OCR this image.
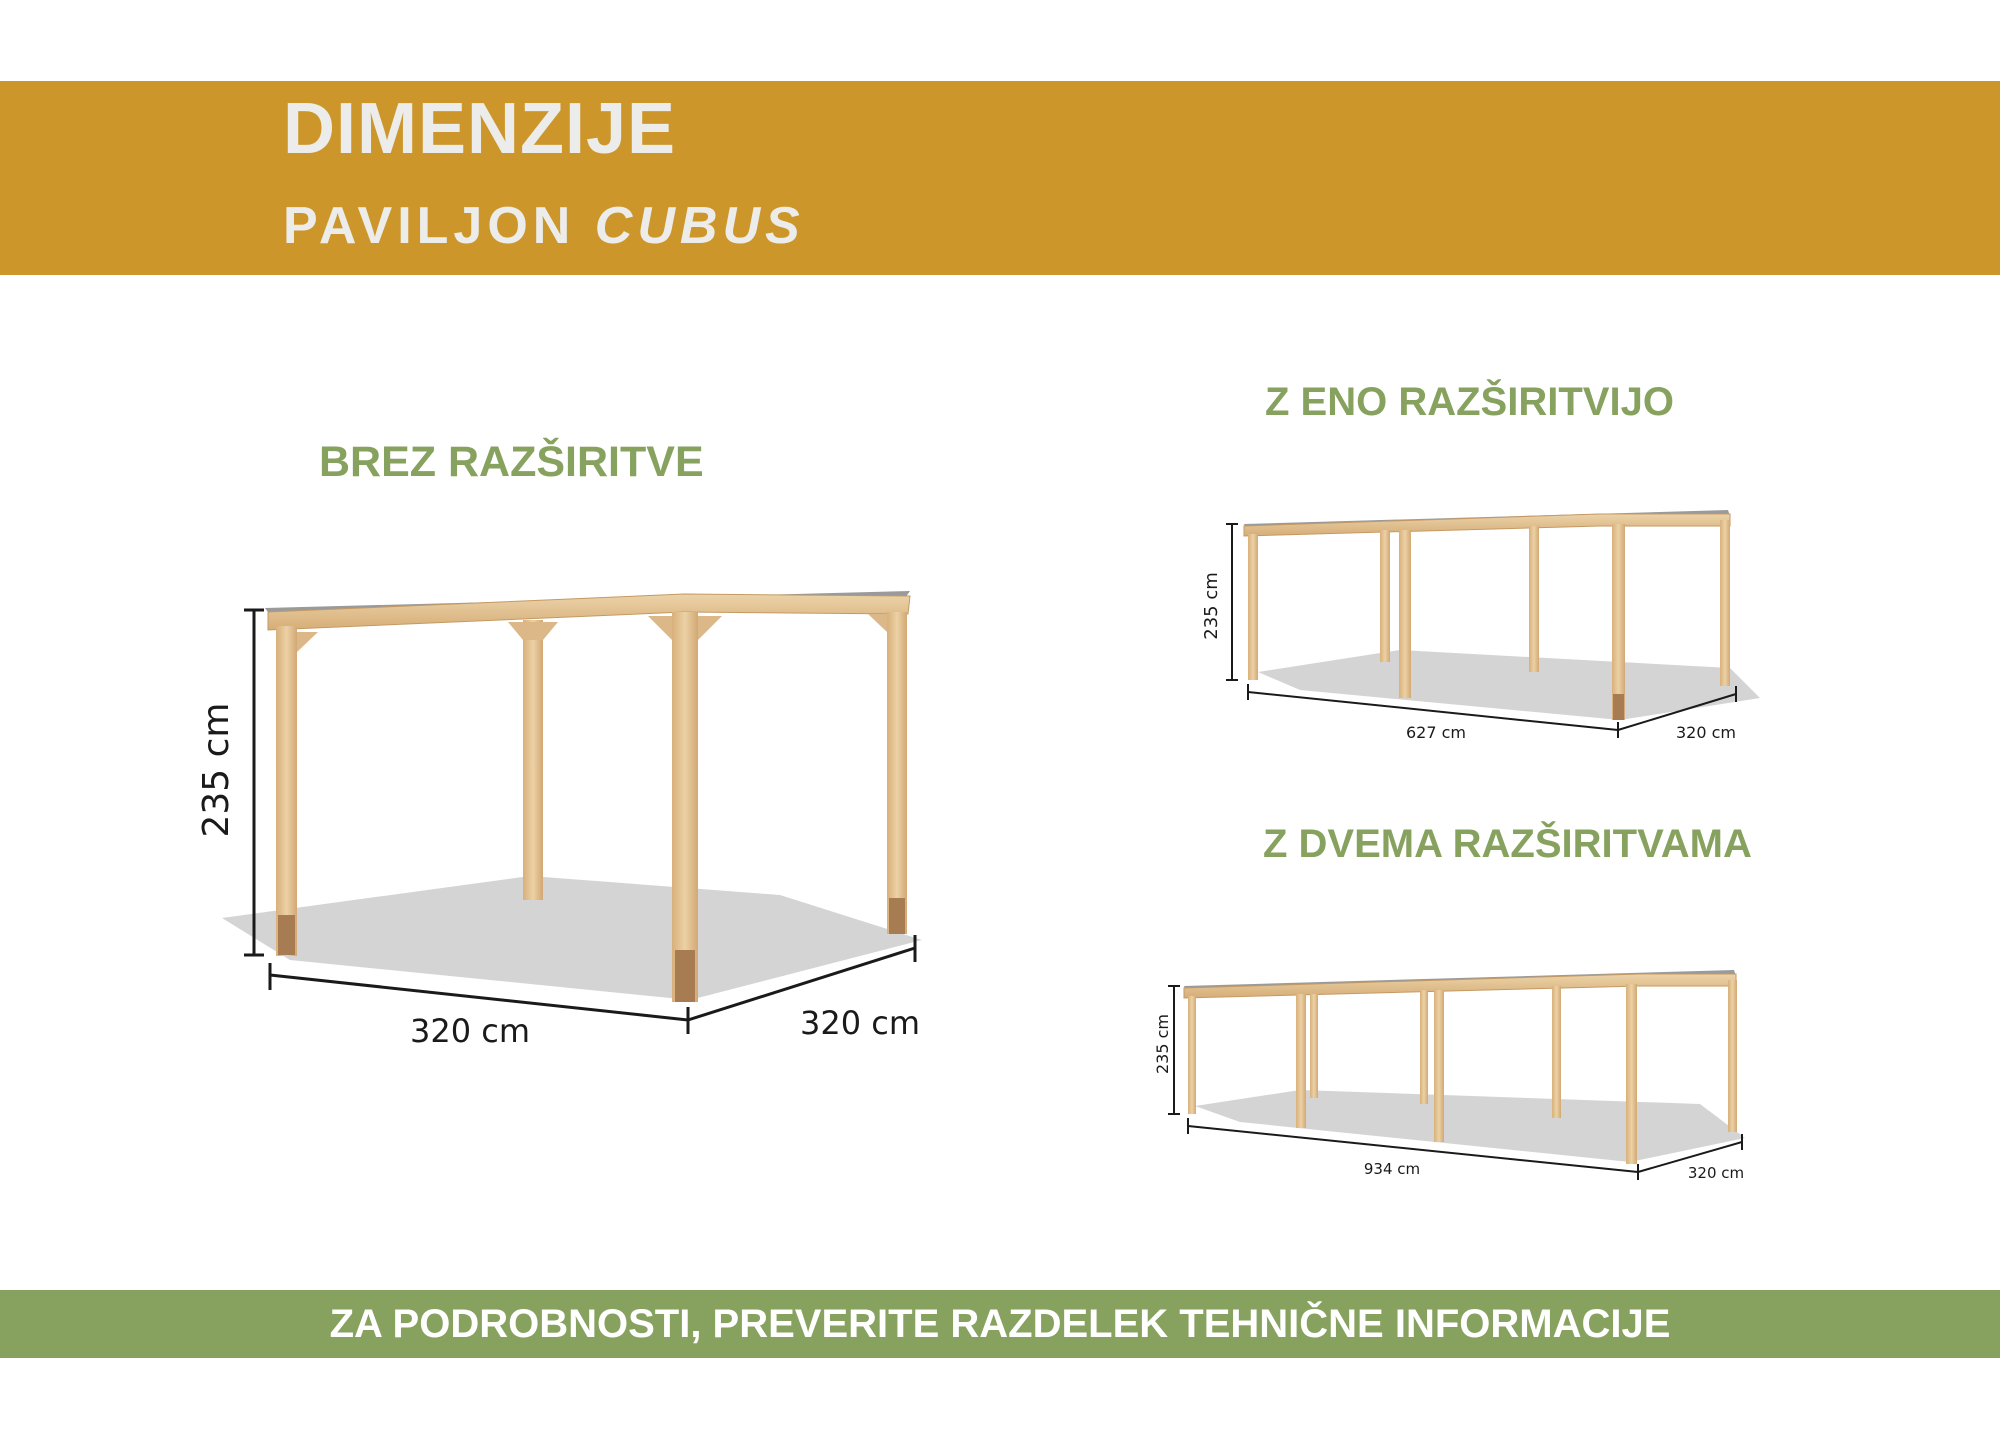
DIMENZIJE
PAVILJON CUBUS
BREZ RAZŠIRITVE
Z ENO RAZŠIRITVIJO
Z DVEMA RAZŠIRITVAMA
235 cm
320 cm	320 cm
235 cm
627 cm	320 cm
235 cm
934 cm	320 cm
ZA PODROBNOSTI, PREVERITE RAZDELEK TEHNIČNE INFORMACIJE
